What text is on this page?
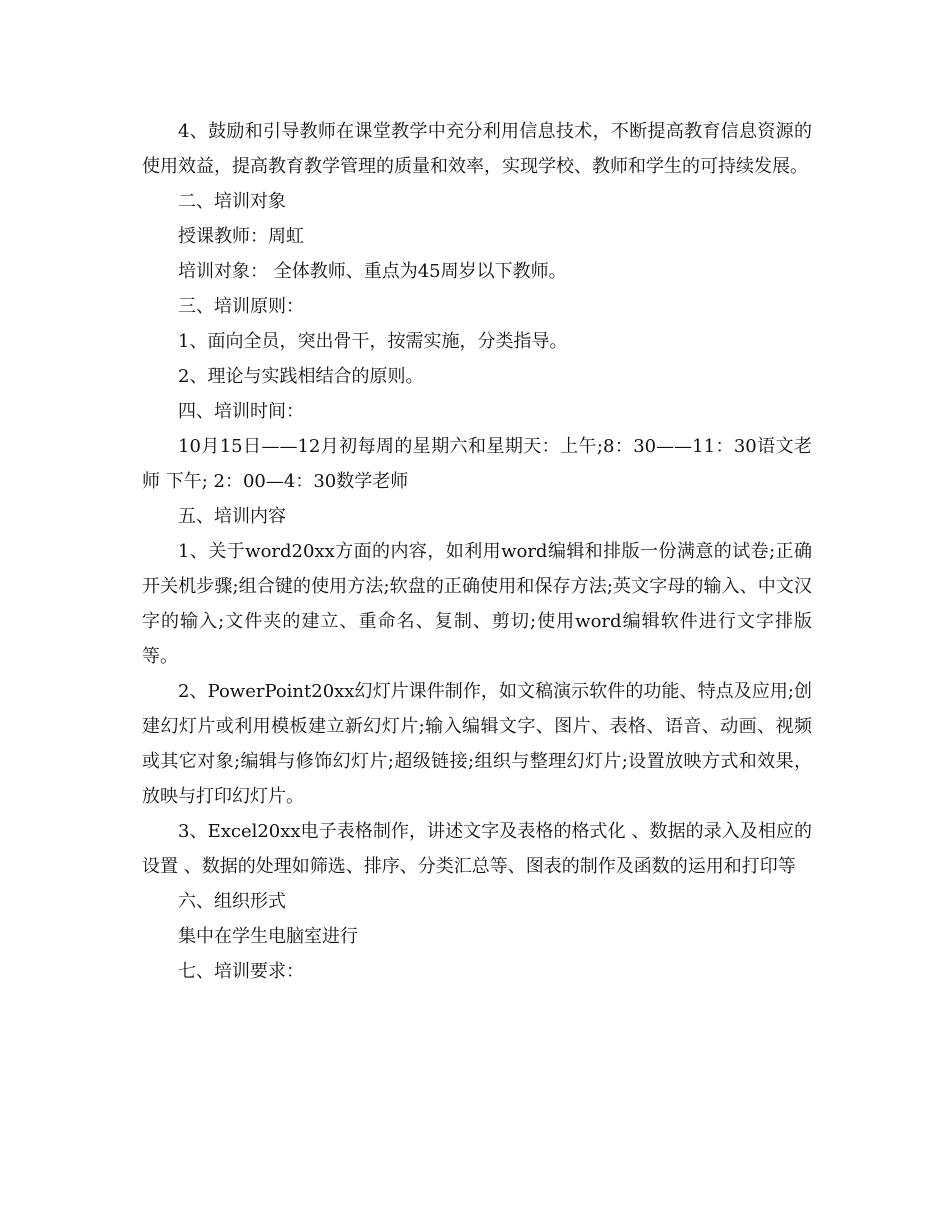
4、鼓励和引导教师在课堂教学中充分利用信息技术，不断提高教育信息资源的使用效益，提高教育教学管理的质量和效率，实现学校、教师和学生的可持续发展。

二、培训对象

授课教师：周虹

培训对象： 全体教师、重点为45周岁以下教师。

三、培训原则：

1、面向全员，突出骨干，按需实施，分类指导。

2、理论与实践相结合的原则。

四、培训时间：

10月15日——12月初每周的星期六和星期天：上午;8：30——11：30语文老师 下午; 2：00—4：30数学老师

五、培训内容

1、关于word20xx方面的内容，如利用word编辑和排版一份满意的试卷;正确开关机步骤;组合键的使用方法;软盘的正确使用和保存方法;英文字母的输入、中文汉字的输入;文件夹的建立、重命名、复制、剪切;使用word编辑软件进行文字排版等。

2、PowerPoint20xx幻灯片课件制作，如文稿演示软件的功能、特点及应用;创建幻灯片或利用模板建立新幻灯片;输入编辑文字、图片、表格、语音、动画、视频或其它对象;编辑与修饰幻灯片;超级链接;组织与整理幻灯片;设置放映方式和效果，放映与打印幻灯片。

3、Excel20xx电子表格制作，讲述文字及表格的格式化 、数据的录入及相应的设置 、数据的处理如筛选、排序、分类汇总等、图表的制作及函数的运用和打印等

六、组织形式

集中在学生电脑室进行

七、培训要求：
